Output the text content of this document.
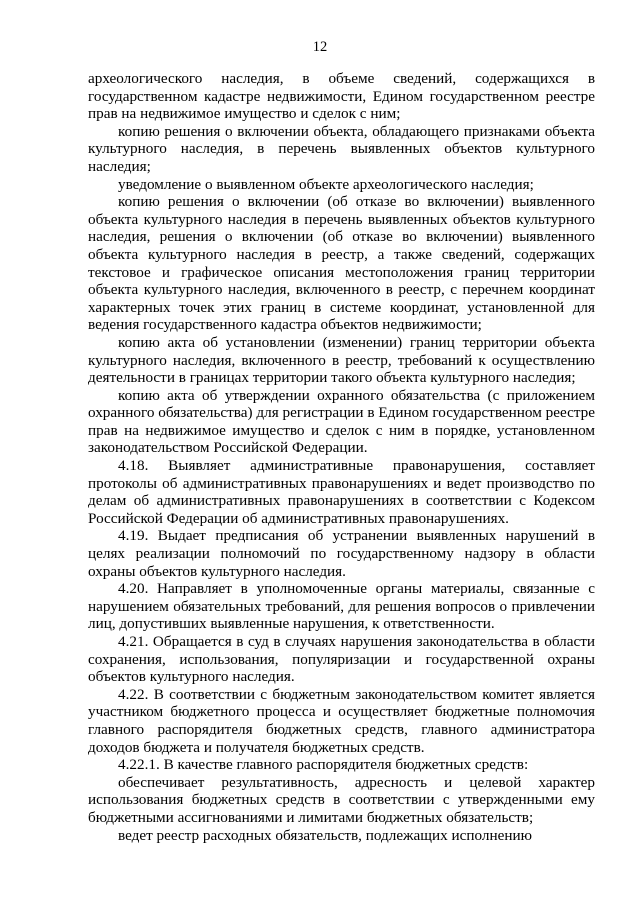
12

археологического наследия, в объеме сведений, содержащихся в государственном кадастре недвижимости, Едином государственном реестре прав на недвижимое имущество и сделок с ним;

копию решения о включении объекта, обладающего признаками объекта культурного наследия, в перечень выявленных объектов культурного наследия;

уведомление о выявленном объекте археологического наследия;

копию решения о включении (об отказе во включении) выявленного объекта культурного наследия в перечень выявленных объектов культурного наследия, решения о включении (об отказе во включении) выявленного объекта культурного наследия в реестр, а также сведений, содержащих текстовое и графическое описания местоположения границ территории объекта культурного наследия, включенного в реестр, с перечнем координат характерных точек этих границ в системе координат, установленной для ведения государственного кадастра объектов недвижимости;

копию акта об установлении (изменении) границ территории объекта культурного наследия, включенного в реестр, требований к осуществлению деятельности в границах территории такого объекта культурного наследия;

копию акта об утверждении охранного обязательства (с приложением охранного обязательства) для регистрации в Едином государственном реестре прав на недвижимое имущество и сделок с ним в порядке, установленном законодательством Российской Федерации.

4.18. Выявляет административные правонарушения, составляет протоколы об административных правонарушениях и ведет производство по делам об административных правонарушениях в соответствии с Кодексом Российской Федерации об административных правонарушениях.

4.19. Выдает предписания об устранении выявленных нарушений в целях реализации полномочий по государственному надзору в области охраны объектов культурного наследия.

4.20. Направляет в уполномоченные органы материалы, связанные с нарушением обязательных требований, для решения вопросов о привлечении лиц, допустивших выявленные нарушения, к ответственности.

4.21. Обращается в суд в случаях нарушения законодательства в области сохранения, использования, популяризации и государственной охраны объектов культурного наследия.

4.22. В соответствии с бюджетным законодательством комитет является участником бюджетного процесса и осуществляет бюджетные полномочия главного распорядителя бюджетных средств, главного администратора доходов бюджета и получателя бюджетных средств.

4.22.1. В качестве главного распорядителя бюджетных средств:

обеспечивает результативность, адресность и целевой характер использования бюджетных средств в соответствии с утвержденными ему бюджетными ассигнованиями и лимитами бюджетных обязательств;

ведет реестр расходных обязательств, подлежащих исполнению
